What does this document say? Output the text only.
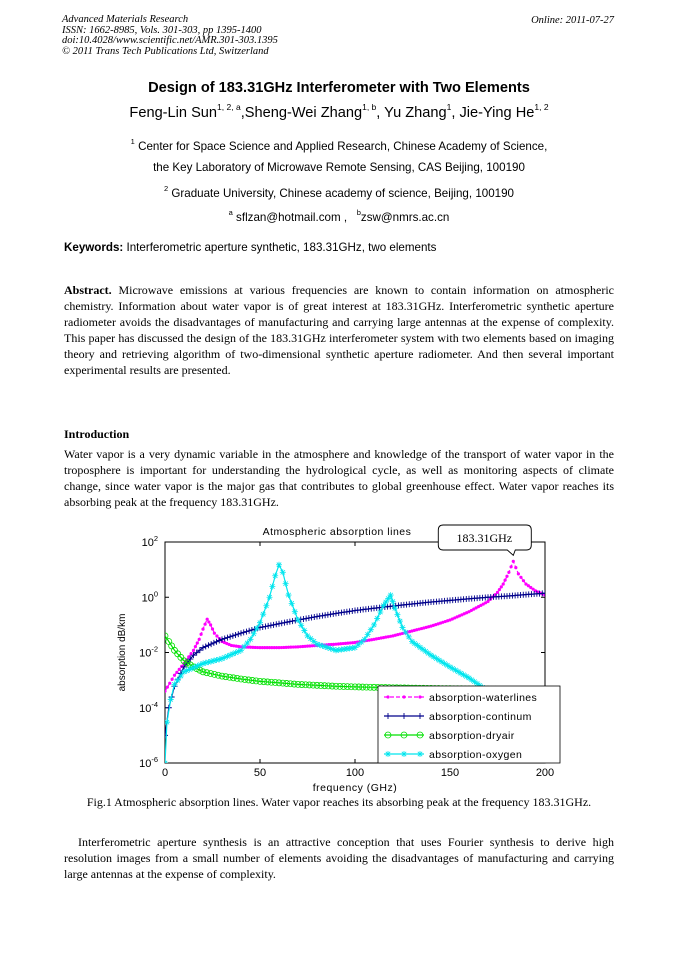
Advanced Materials Research
ISSN: 1662-8985, Vols. 301-303, pp 1395-1400
doi:10.4028/www.scientific.net/AMR.301-303.1395
© 2011 Trans Tech Publications Ltd, Switzerland
Online: 2011-07-27
Design of 183.31GHz Interferometer with Two Elements
Feng-Lin Sun$^{1, 2, a}$,Sheng-Wei Zhang$^{1, b}$, Yu Zhang$^1$, Jie-Ying He$^{1, 2}$
$^1$ Center for Space Science and Applied Research, Chinese Academy of Science,
the Key Laboratory of Microwave Remote Sensing, CAS Beijing, 100190
$^2$ Graduate University, Chinese academy of science, Beijing, 100190
$^a$ sflzan@hotmail.com , $^b$zsw@nmrs.ac.cn
Keywords: Interferometric aperture synthetic, 183.31GHz, two elements
Abstract. Microwave emissions at various frequencies are known to contain information on atmospheric chemistry. Information about water vapor is of great interest at 183.31GHz. Interferometric synthetic aperture radiometer avoids the disadvantages of manufacturing and carrying large antennas at the expense of complexity. This paper has discussed the design of the 183.31GHz interferometer system with two elements based on imaging theory and retrieving algorithm of two-dimensional synthetic aperture radiometer. And then several important experimental results are presented.
Introduction
Water vapor is a very dynamic variable in the atmosphere and knowledge of the transport of water vapor in the troposphere is important for understanding the hydrological cycle, as well as monitoring aspects of climate change, since water vapor is the major gas that contributes to global greenhouse effect. Water vapor reaches its absorbing peak at the frequency 183.31GHz.
Atmospheric absorption lines
0	50	100	150	200
$10^2$
$10^0$
$10^{-2}$
$10^{-4}$
$10^{-6}$
frequency (GHz)
absorption dB/km
183.31GHz
absorption-waterlines
absorption-continum
absorption-dryair
absorption-oxygen
Fig.1 Atmospheric absorption lines. Water vapor reaches its absorbing peak at the frequency 183.31GHz.
Interferometric aperture synthesis is an attractive conception that uses Fourier synthesis to derive high resolution images from a small number of elements avoiding the disadvantages of manufacturing and carrying large antennas at the expense of complexity.
